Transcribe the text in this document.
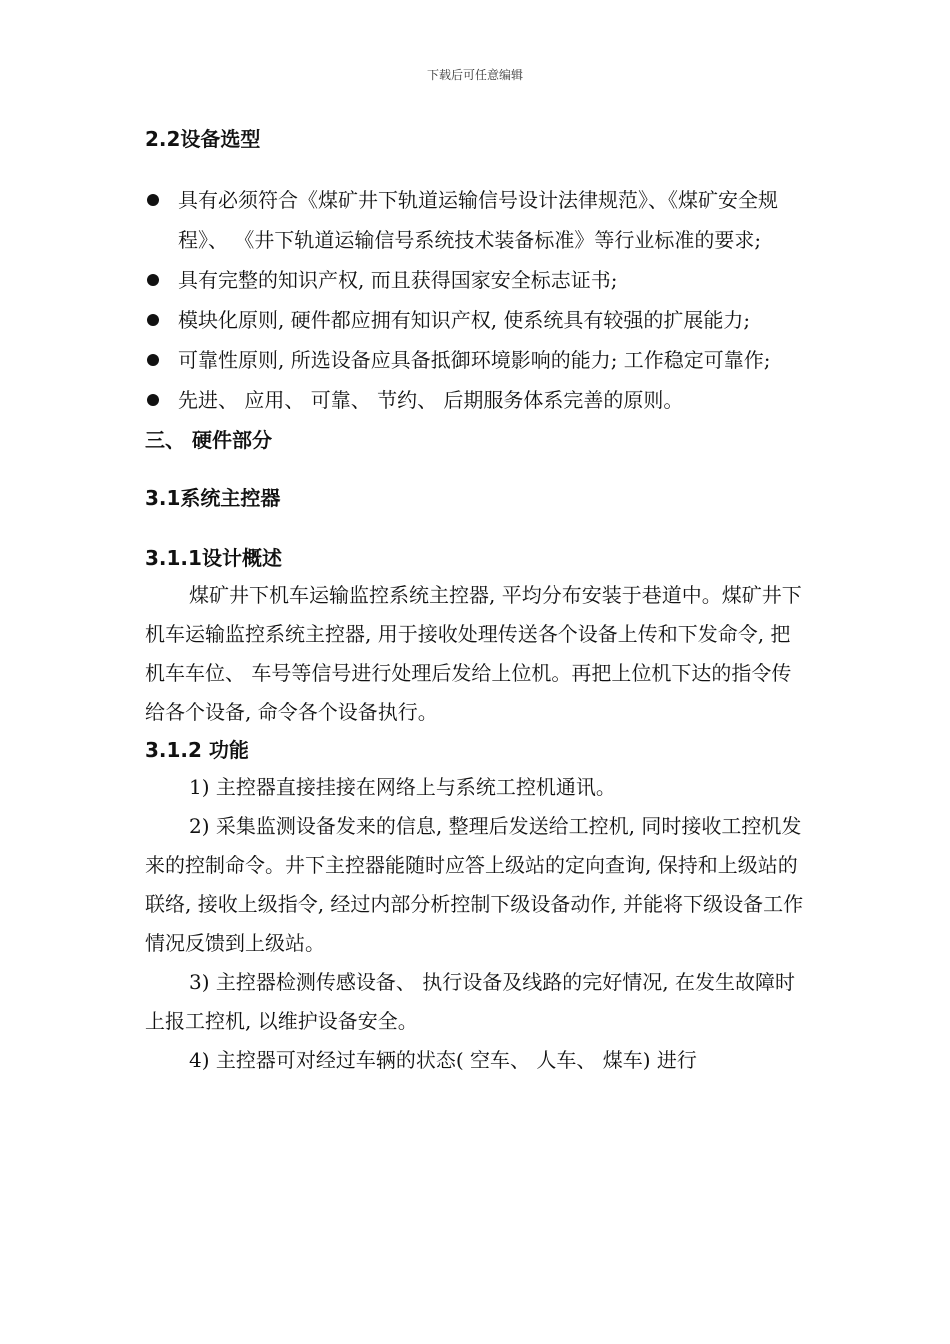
下载后可任意编辑
2.2设备选型
具有必须符合《煤矿井下轨道运输信号设计法律规范》、《煤矿安全规程》、 《井下轨道运输信号系统技术装备标准》等行业标准的要求;
具有完整的知识产权, 而且获得国家安全标志证书;
模块化原则, 硬件都应拥有知识产权, 使系统具有较强的扩展能力;
可靠性原则, 所选设备应具备抵御环境影响的能力; 工作稳定可靠作;
先进、 应用、 可靠、 节约、 后期服务体系完善的原则。
三、 硬件部分
3.1系统主控器
3.1.1设计概述

煤矿井下机车运输监控系统主控器, 平均分布安装于巷道中。煤矿井下机车运输监控系统主控器, 用于接收处理传送各个设备上传和下发命令, 把机车车位、 车号等信号进行处理后发给上位机。再把上位机下达的指令传给各个设备, 命令各个设备执行。

3.1.2 功能

1) 主控器直接挂接在网络上与系统工控机通讯。

2) 采集监测设备发来的信息, 整理后发送给工控机, 同时接收工控机发来的控制命令。井下主控器能随时应答上级站的定向查询, 保持和上级站的联络, 接收上级指令, 经过内部分析控制下级设备动作, 并能将下级设备工作情况反馈到上级站。

3) 主控器检测传感设备、 执行设备及线路的完好情况, 在发生故障时上报工控机, 以维护设备安全。

4) 主控器可对经过车辆的状态( 空车、 人车、 煤车) 进行
